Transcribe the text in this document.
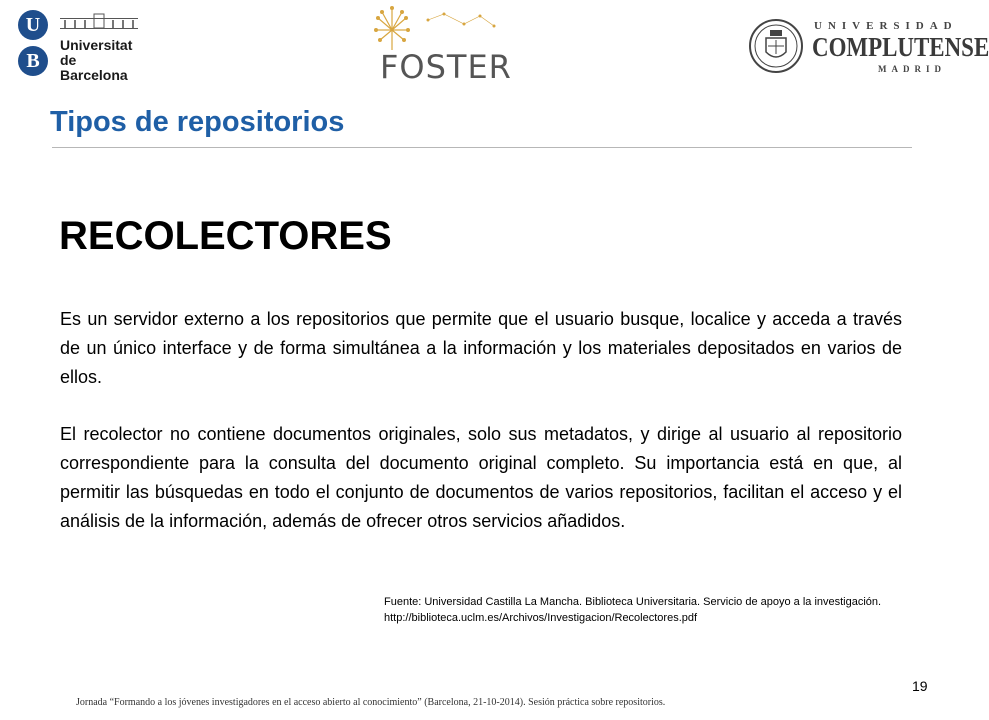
U
B
Universitat
de Barcelona	FOSTER
UNIVERSIDAD
COMPLUTENSE
MADRID
Tipos de repositorios
RECOLECTORES
Es un servidor externo a los repositorios que permite que el usuario busque, localice y acceda a través de un único interface y de forma simultánea a la información y los materiales depositados en varios de ellos.
El recolector no contiene documentos originales, solo sus metadatos, y dirige al usuario al repositorio correspondiente para la consulta del documento original completo. Su importancia está en que, al permitir las búsquedas en todo el conjunto de documentos de varios repositorios, facilitan el acceso y el análisis de la información, además de ofrecer otros servicios añadidos.
Fuente: Universidad Castilla La Mancha. Biblioteca Universitaria. Servicio de apoyo a la investigación. http://biblioteca.uclm.es/Archivos/Investigacion/Recolectores.pdf
19
Jornada “Formando a los jóvenes investigadores en el acceso abierto al conocimiento” (Barcelona, 21-10-2014). Sesión práctica sobre repositorios.
